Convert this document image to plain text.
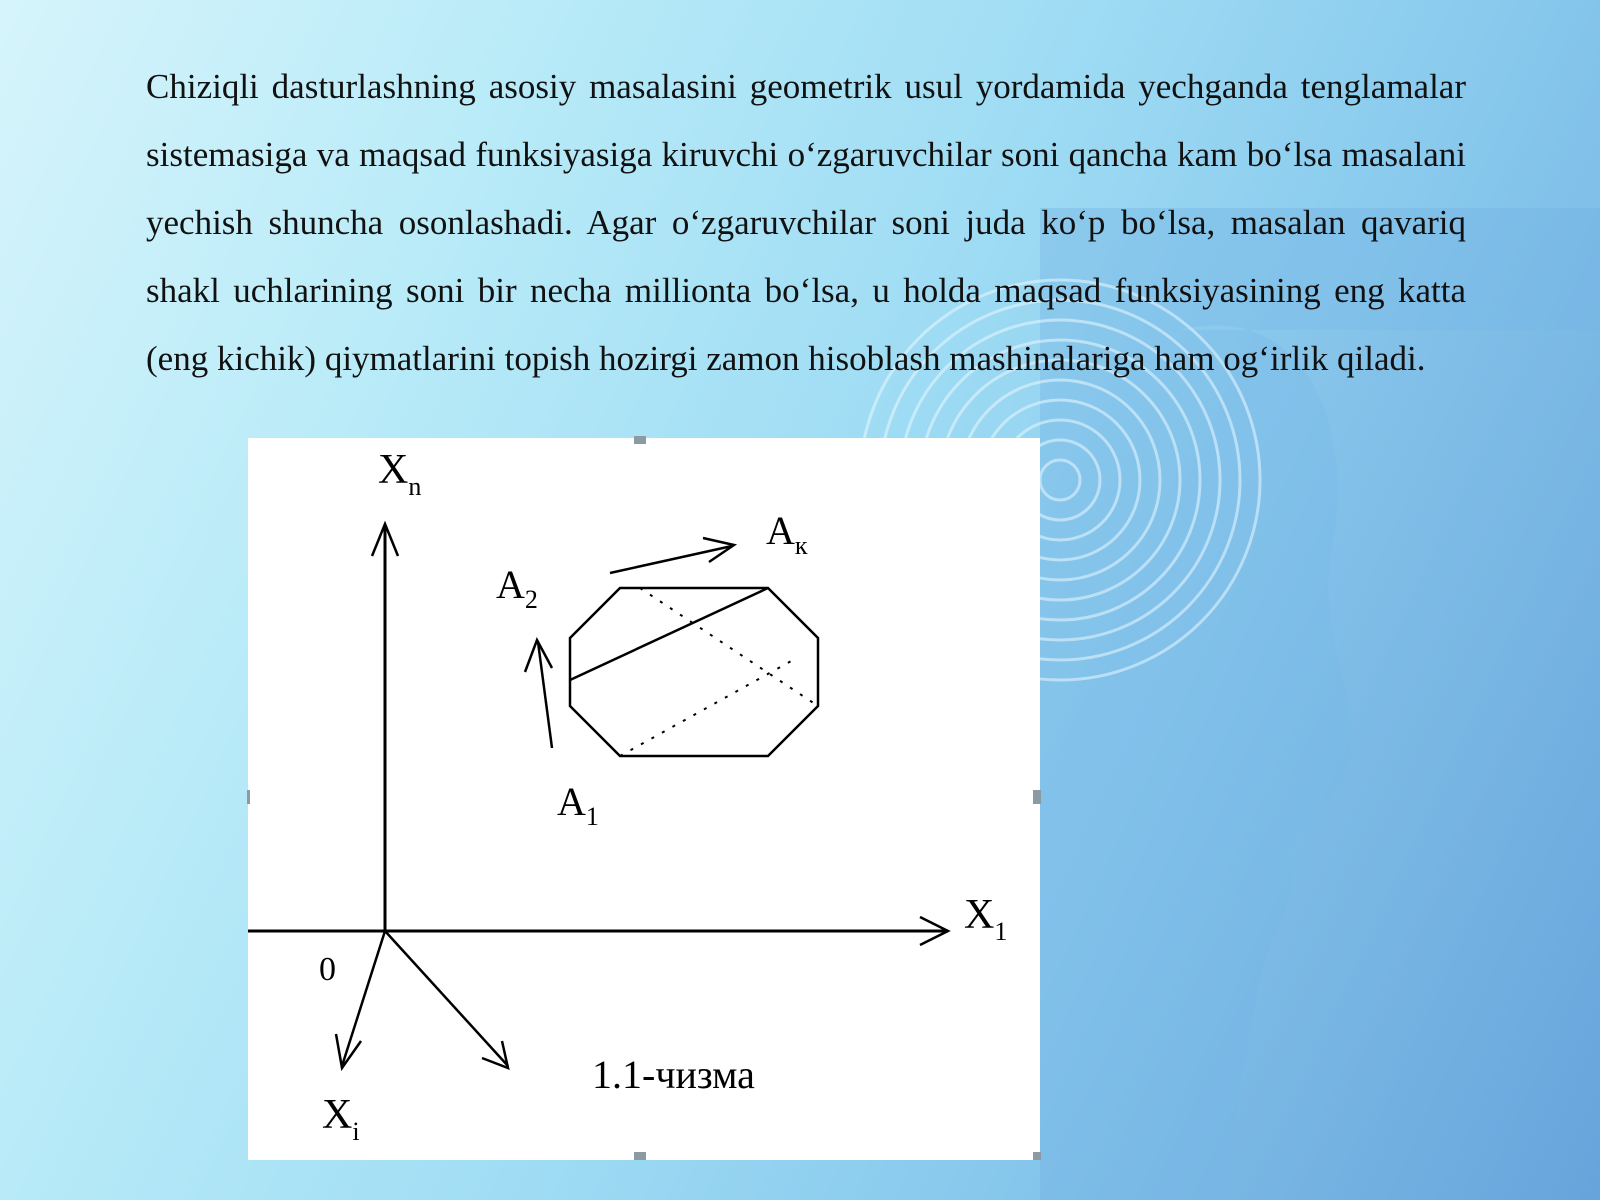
Chiziqli dasturlashning asosiy masalasini geometrik usul yordamida yechganda tenglamalar sistemasiga va maqsad funksiyasiga kiruvchi o‘zgaruvchilar soni qancha kam bo‘lsa masalani yechish shuncha osonlashadi. Agar o‘zgaruvchilar soni juda ko‘p bo‘lsa, masalan qavariq shakl uchlarining soni bir necha millionta bo‘lsa, u holda maqsad funksiyasining eng katta (eng kichik) qiymatlarini topish hozirgi zamon hisoblash mashinalariga ham og‘irlik qiladi.

$X_n$
$X_1$
$X_i$
0
$A_2$
$A_к$
$A_1$
1.1-чизма
